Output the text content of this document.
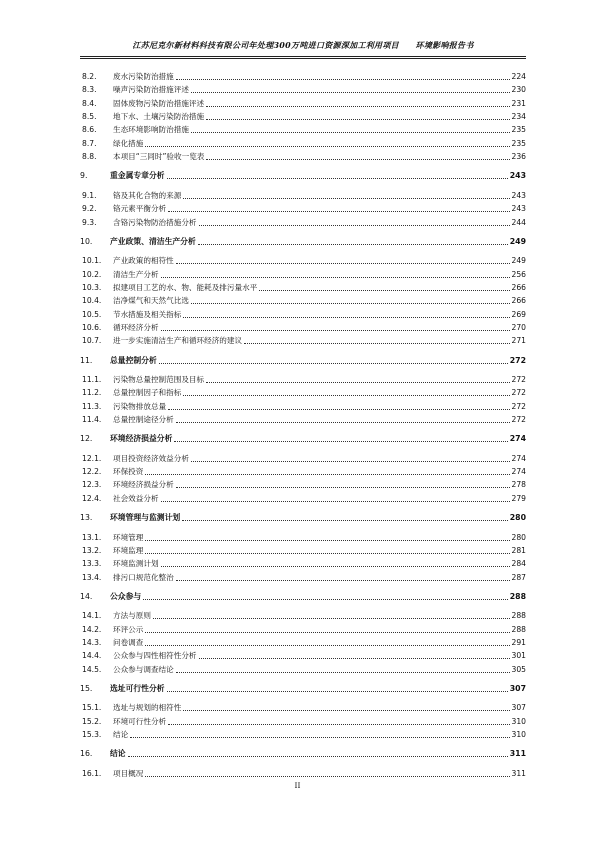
江苏尼克尔新材料科技有限公司年处理300万吨进口资源深加工利用项目　　环境影响报告书
8.2.	废水污染防治措施	224
8.3.	噪声污染防治措施评述	230
8.4.	固体废物污染防治措施评述	231
8.5.	地下水、土壤污染防治措施	234
8.6.	生态环境影响防治措施	235
8.7.	绿化措施	235
8.8.	本项目“三同时”验收一览表	236
9.	重金属专章分析	243
9.1.	铬及其化合物的来源	243
9.2.	铬元素平衡分析	243
9.3.	含铬污染物防治措施分析	244
10.	产业政策、清洁生产分析	249
10.1.	产业政策的相符性	249
10.2.	清洁生产分析	256
10.3.	拟建项目工艺的水、物、能耗及排污量水平	266
10.4.	洁净煤气和天然气比选	266
10.5.	节水措施及相关指标	269
10.6.	循环经济分析	270
10.7.	进一步实施清洁生产和循环经济的建议	271
11.	总量控制分析	272
11.1.	污染物总量控制范围及目标	272
11.2.	总量控制因子和指标	272
11.3.	污染物排放总量	272
11.4.	总量控制途径分析	272
12.	环境经济损益分析	274
12.1.	项目投资经济效益分析	274
12.2.	环保投资	274
12.3.	环境经济损益分析	278
12.4.	社会效益分析	279
13.	环境管理与监测计划	280
13.1.	环境管理	280
13.2.	环境监理	281
13.3.	环境监测计划	284
13.4.	排污口规范化整治	287
14.	公众参与	288
14.1.	方法与原则	288
14.2.	环评公示	288
14.3.	问卷调查	291
14.4.	公众参与四性相符性分析	301
14.5.	公众参与调查结论	305
15.	选址可行性分析	307
15.1.	选址与规划的相符性	307
15.2.	环境可行性分析	310
15.3.	结论	310
16.	结论	311
16.1.	项目概况	311
II
